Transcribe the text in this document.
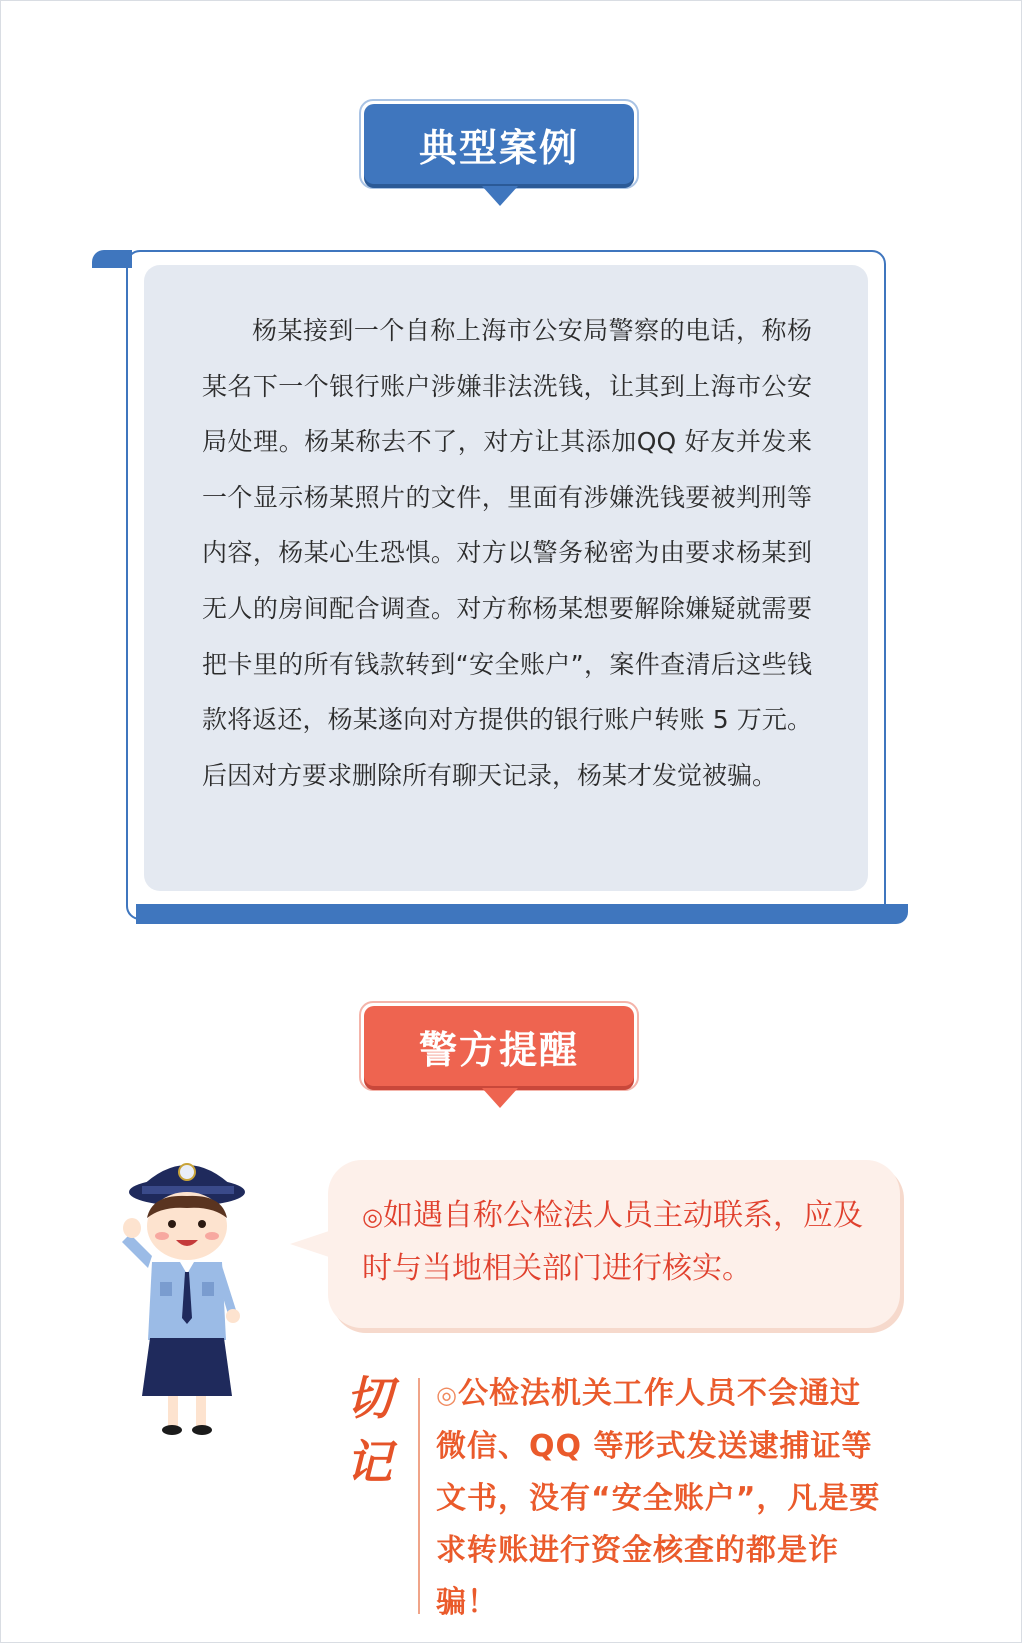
典型案例

杨某接到一个自称上海市公安局警察的电话，称杨某名下一个银行账户涉嫌非法洗钱，让其到上海市公安局处理。杨某称去不了，对方让其添加QQ 好友并发来一个显示杨某照片的文件，里面有涉嫌洗钱要被判刑等内容，杨某心生恐惧。对方以警务秘密为由要求杨某到无人的房间配合调查。对方称杨某想要解除嫌疑就需要把卡里的所有钱款转到“安全账户”，案件查清后这些钱款将返还，杨某遂向对方提供的银行账户转账 5 万元。后因对方要求删除所有聊天记录，杨某才发觉被骗。

警方提醒

◎如遇自称公检法人员主动联系，应及时与当地相关部门进行核实。

切记

◎公检法机关工作人员不会通过微信、QQ 等形式发送逮捕证等文书，没有“安全账户”，凡是要求转账进行资金核查的都是诈骗！
